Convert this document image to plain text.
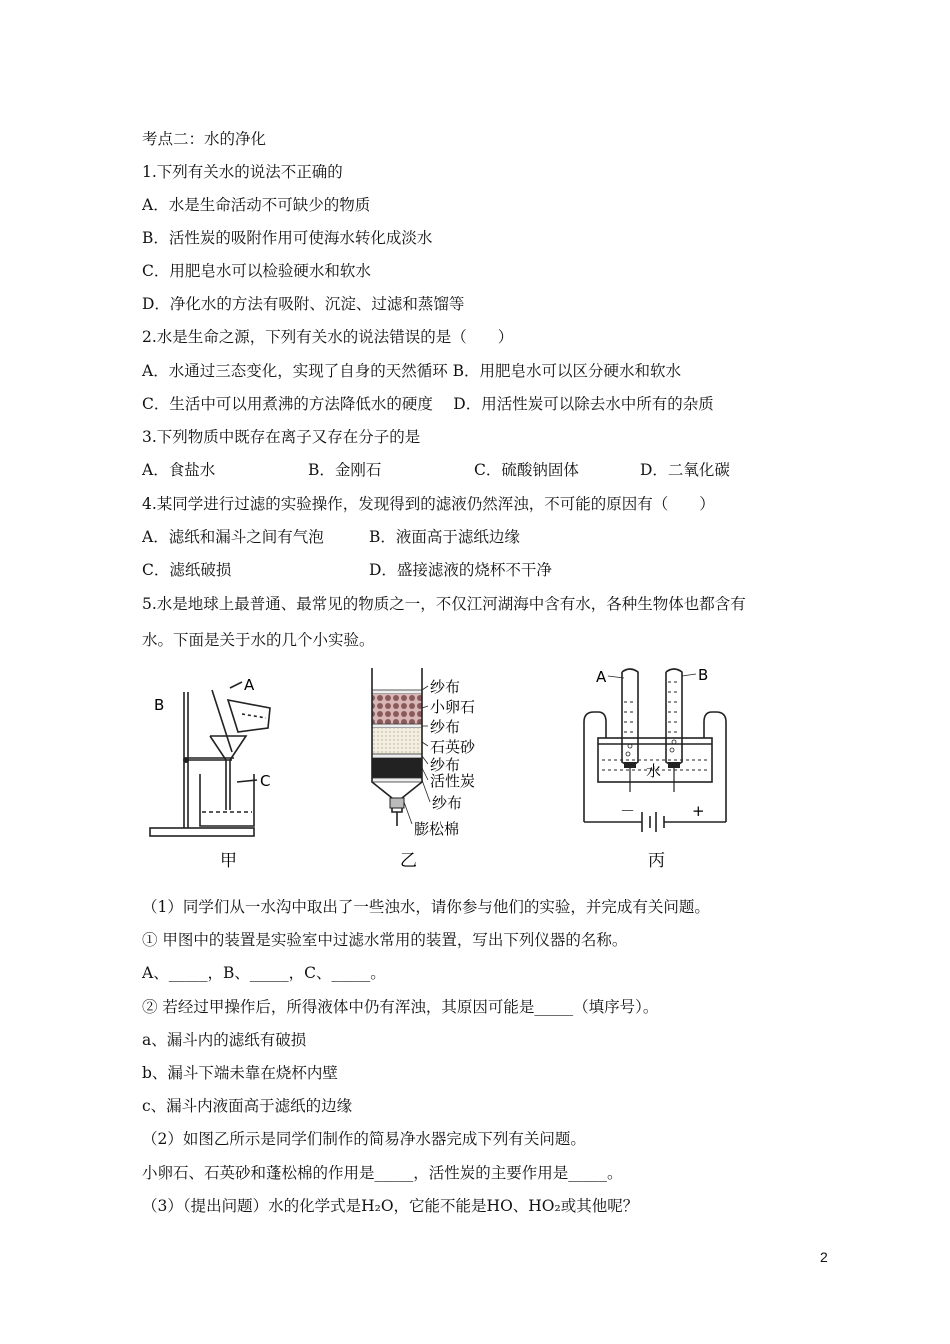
考点二：水的净化
1.下列有关水的说法不正确的
A．水是生命活动不可缺少的物质
B．活性炭的吸附作用可使海水转化成淡水
C．用肥皂水可以检验硬水和软水
D．净化水的方法有吸附、沉淀、过滤和蒸馏等
2.水是生命之源，下列有关水的说法错误的是（　　）
A．水通过三态变化，实现了自身的天然循环 B．用肥皂水可以区分硬水和软水
C．生活中可以用煮沸的方法降低水的硬度　 D．用活性炭可以除去水中所有的杂质
3.下列物质中既存在离子又存在分子的是
A．食盐水	B．金刚石	C．硫酸钠固体	D．二氧化碳
4.某同学进行过滤的实验操作，发现得到的滤液仍然浑浊，不可能的原因有（　　）
A．滤纸和漏斗之间有气泡	B．液面高于滤纸边缘
C．滤纸破损	D．盛接滤液的烧杯不干净
5.水是地球上最普通、最常见的物质之一，不仅江河湖海中含有水，各种生物体也都含有
水。下面是关于水的几个小实验。
B
A
C
甲
纱布
小卵石
纱布
石英砂
纱布
活性炭
纱布
膨松棉
乙
A	B
水
－	+
丙
（1）同学们从一水沟中取出了一些浊水，请你参与他们的实验，并完成有关问题。
① 甲图中的装置是实验室中过滤水常用的装置，写出下列仪器的名称。
A、_____，B、_____，C、_____。
② 若经过甲操作后，所得液体中仍有浑浊，其原因可能是_____（填序号）。
a、漏斗内的滤纸有破损
b、漏斗下端未靠在烧杯内壁
c、漏斗内液面高于滤纸的边缘
（2）如图乙所示是同学们制作的简易净水器完成下列有关问题。
小卵石、石英砂和蓬松棉的作用是_____，活性炭的主要作用是_____。
（3）（提出问题）水的化学式是H₂O，它能不能是HO、HO₂或其他呢？
2
